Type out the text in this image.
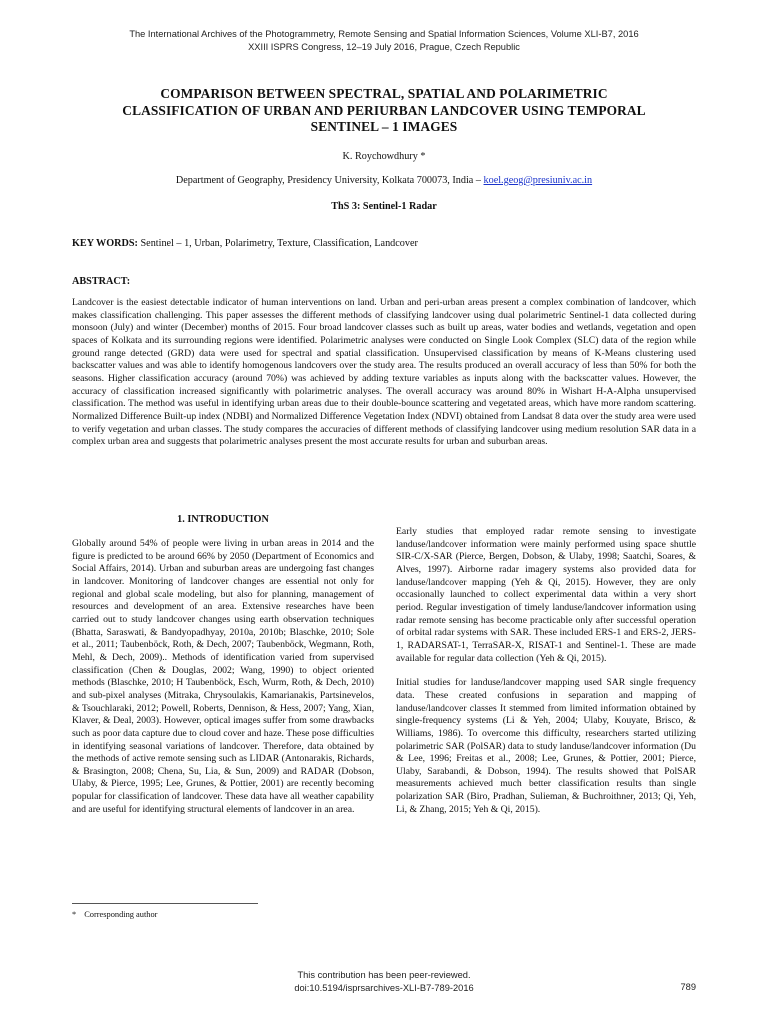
The International Archives of the Photogrammetry, Remote Sensing and Spatial Information Sciences, Volume XLI-B7, 2016
XXIII ISPRS Congress, 12–19 July 2016, Prague, Czech Republic
COMPARISON BETWEEN SPECTRAL, SPATIAL AND POLARIMETRIC
CLASSIFICATION OF URBAN AND PERIURBAN LANDCOVER USING TEMPORAL
SENTINEL – 1 IMAGES
K. Roychowdhury *
Department of Geography, Presidency University, Kolkata 700073, India – koel.geog@presiuniv.ac.in
ThS 3: Sentinel-1 Radar
KEY WORDS: Sentinel – 1, Urban, Polarimetry, Texture, Classification, Landcover
ABSTRACT:
Landcover is the easiest detectable indicator of human interventions on land. Urban and peri-urban areas present a complex combination of landcover, which makes classification challenging. This paper assesses the different methods of classifying landcover using dual polarimetric Sentinel-1 data collected during monsoon (July) and winter (December) months of 2015. Four broad landcover classes such as built up areas, water bodies and wetlands, vegetation and open spaces of Kolkata and its surrounding regions were identified. Polarimetric analyses were conducted on Single Look Complex (SLC) data of the region while ground range detected (GRD) data were used for spectral and spatial classification. Unsupervised classification by means of K-Means clustering used backscatter values and was able to identify homogenous landcovers over the study area. The results produced an overall accuracy of less than 50% for both the seasons. Higher classification accuracy (around 70%) was achieved by adding texture variables as inputs along with the backscatter values. However, the accuracy of classification increased significantly with polarimetric analyses. The overall accuracy was around 80% in Wishart H-A-Alpha unsupervised classification. The method was useful in identifying urban areas due to their double-bounce scattering and vegetated areas, which have more random scattering. Normalized Difference Built-up index (NDBI) and Normalized Difference Vegetation Index (NDVI) obtained from Landsat 8 data over the study area were used to verify vegetation and urban classes. The study compares the accuracies of different methods of classifying landcover using medium resolution SAR data in a complex urban area and suggests that polarimetric analyses present the most accurate results for urban and suburban areas.
1. INTRODUCTION

Globally around 54% of people were living in urban areas in 2014 and the figure is predicted to be around 66% by 2050 (Department of Economics and Social Affairs, 2014). Urban and suburban areas are undergoing fast changes in landcover. Monitoring of landcover changes are essential not only for regional and global scale modeling, but also for planning, management of resources and development of an area. Extensive researches have been carried out to study landcover changes using earth observation techniques (Bhatta, Saraswati, & Bandyopadhyay, 2010a, 2010b; Blaschke, 2010; Sole et al., 2011; Taubenböck, Roth, & Dech, 2007; Taubenböck, Wegmann, Roth, Mehl, & Dech, 2009).. Methods of identification varied from supervised classification (Chen & Douglas, 2002; Wang, 1990) to object oriented methods (Blaschke, 2010; H Taubenböck, Esch, Wurm, Roth, & Dech, 2010) and sub-pixel analyses (Mitraka, Chrysoulakis, Kamarianakis, Partsinevelos, & Tsouchlaraki, 2012; Powell, Roberts, Dennison, & Hess, 2007; Yang, Xian, Klaver, & Deal, 2003). However, optical images suffer from some drawbacks such as poor data capture due to cloud cover and haze. These pose difficulties in identifying seasonal variations of landcover. Therefore, data obtained by the methods of active remote sensing such as LIDAR (Antonarakis, Richards, & Brasington, 2008; Chena, Su, Lia, & Sun, 2009) and RADAR (Dobson, Ulaby, & Pierce, 1995; Lee, Grunes, & Pottier, 2001) are recently becoming popular for classification of landcover. These data have all weather capability and are useful for identifying structural elements of landcover in an area.

Early studies that employed radar remote sensing to investigate landuse/landcover information were mainly performed using space shuttle SIR-C/X-SAR (Pierce, Bergen, Dobson, & Ulaby, 1998; Saatchi, Soares, & Alves, 1997). Airborne radar imagery systems also provided data for landuse/landcover mapping (Yeh & Qi, 2015). However, they are only occasionally launched to collect experimental data within a very short period. Regular investigation of timely landuse/landcover information using radar remote sensing has become practicable only after successful operation of orbital radar systems with SAR. These included ERS-1 and ERS-2, JERS-1, RADARSAT-1, TerraSAR-X, RISAT-1 and Sentinel-1. These are made available for regular data collection (Yeh & Qi, 2015).

Initial studies for landuse/landcover mapping used SAR single frequency data. These created confusions in separation and mapping of landuse/landcover classes It stemmed from limited information obtained by single-frequency systems (Li & Yeh, 2004; Ulaby, Kouyate, Brisco, & Williams, 1986). To overcome this difficulty, researchers started utilizing polarimetric SAR (PolSAR) data to study landuse/landcover information (Du & Lee, 1996; Freitas et al., 2008; Lee, Grunes, & Pottier, 2001; Pierce, Ulaby, Sarabandi, & Dobson, 1994). The results showed that PolSAR measurements achieved much better classification results than single polarization SAR (Biro, Pradhan, Sulieman, & Buchroithner, 2013; Qi, Yeh, Li, & Zhang, 2015; Yeh & Qi, 2015).

* Corresponding author
This contribution has been peer-reviewed.
doi:10.5194/isprsarchives-XLI-B7-789-2016	789
